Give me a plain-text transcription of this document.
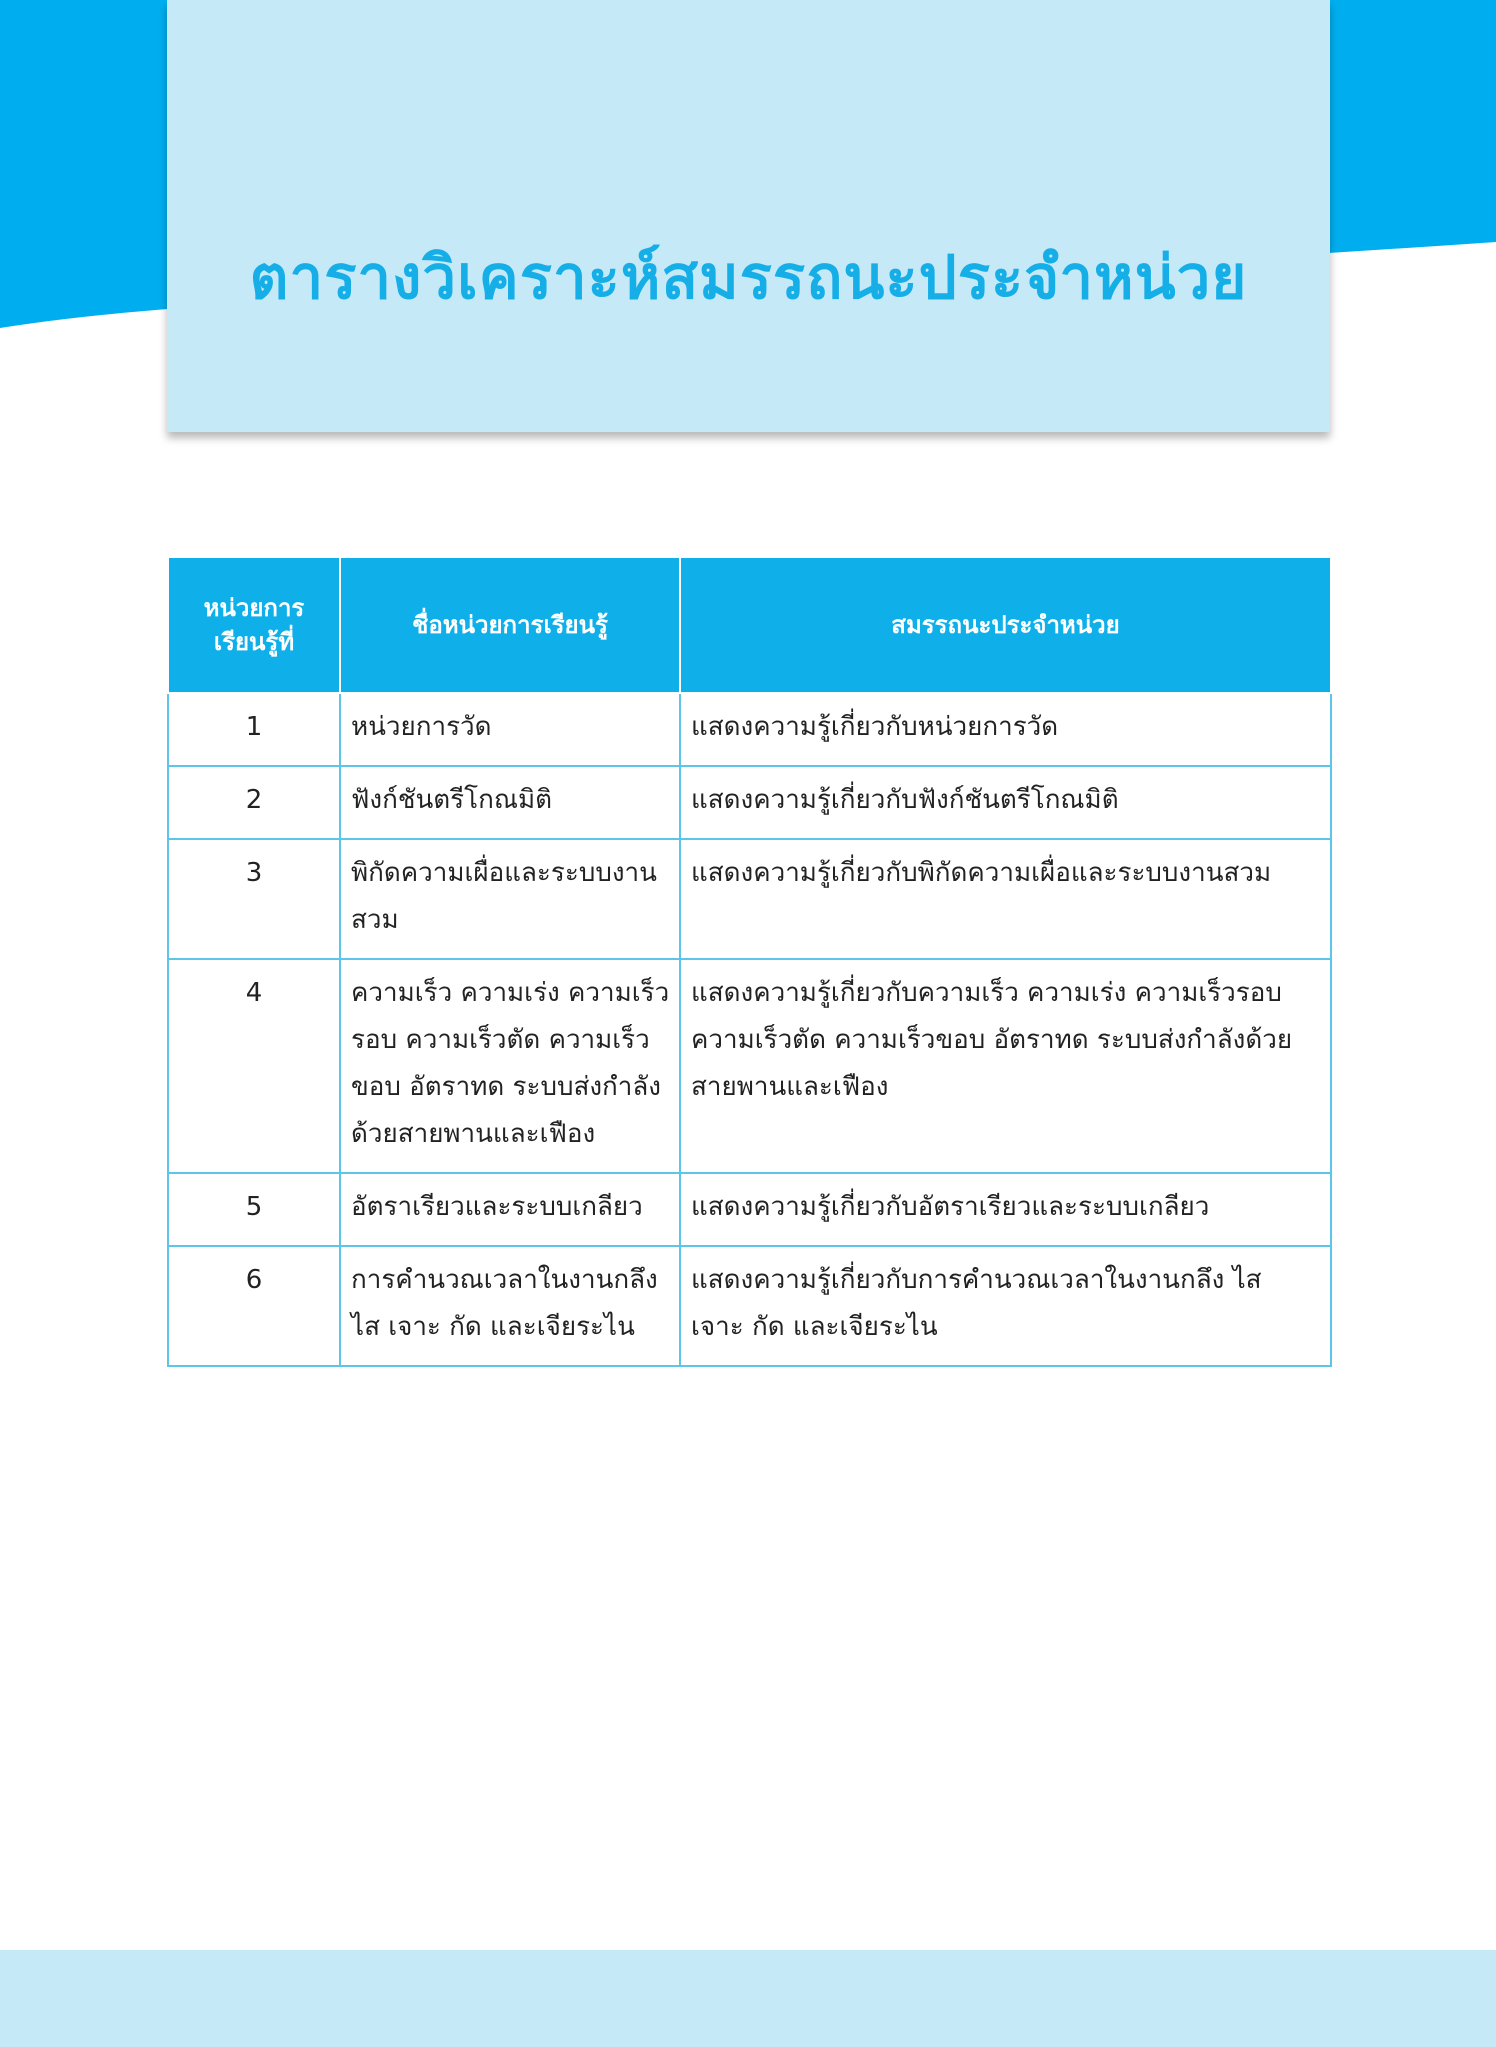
ตารางวิเคราะห์สมรรถนะประจำหน่วย
หน่วยการเรียนรู้ที่	ชื่อหน่วยการเรียนรู้	สมรรถนะประจำหน่วย
1	หน่วยการวัด	แสดงความรู้เกี่ยวกับหน่วยการวัด
2	ฟังก์ชันตรีโกณมิติ	แสดงความรู้เกี่ยวกับฟังก์ชันตรีโกณมิติ
3	พิกัดความเผื่อและระบบงานสวม	แสดงความรู้เกี่ยวกับพิกัดความเผื่อและระบบงานสวม
4	ความเร็ว ความเร่ง ความเร็วรอบ ความเร็วตัด ความเร็วขอบ อัตราทด ระบบส่งกำลังด้วยสายพานและเฟือง	แสดงความรู้เกี่ยวกับความเร็ว ความเร่ง ความเร็วรอบ ความเร็วตัด ความเร็วขอบ อัตราทด ระบบส่งกำลังด้วยสายพานและเฟือง
5	อัตราเรียวและระบบเกลียว	แสดงความรู้เกี่ยวกับอัตราเรียวและระบบเกลียว
6	การคำนวณเวลาในงานกลึง ไส เจาะ กัด และเจียระไน	แสดงความรู้เกี่ยวกับการคำนวณเวลาในงานกลึง ไส เจาะ กัด และเจียระไน
